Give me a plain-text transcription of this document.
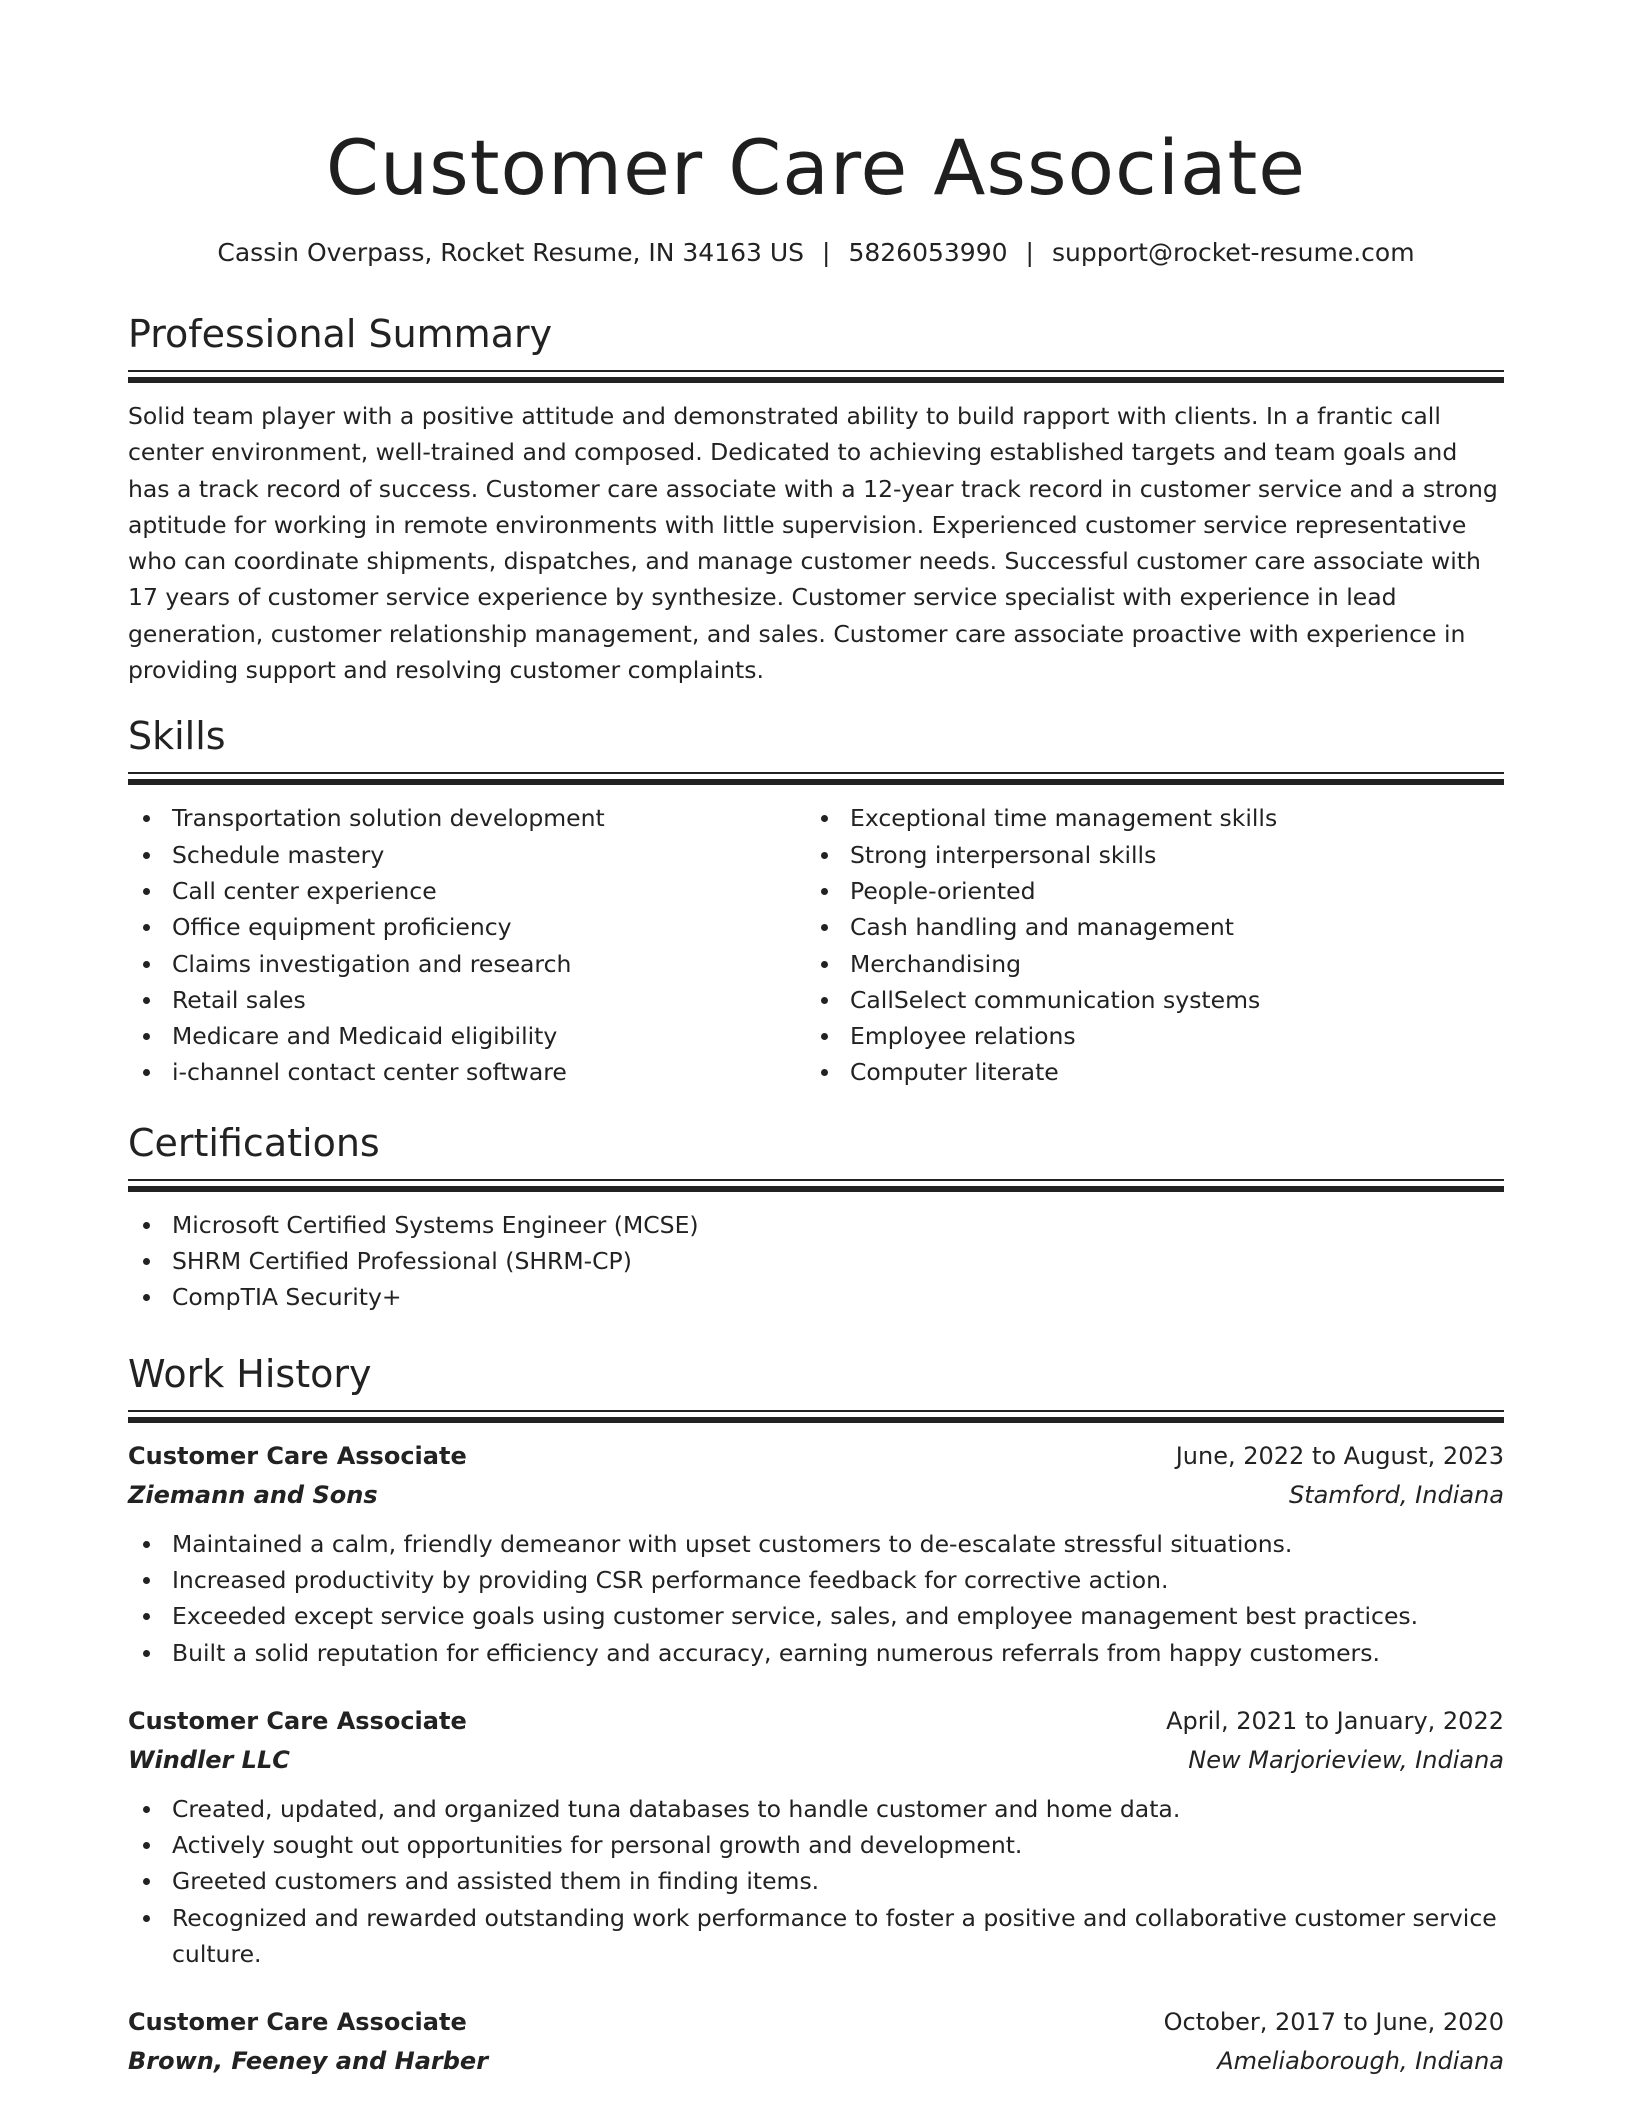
Customer Care Associate
Cassin Overpass, Rocket Resume, IN 34163 US | 5826053990 | support@rocket-resume.com
Professional Summary

Solid team player with a positive attitude and demonstrated ability to build rapport with clients. In a frantic call center environment, well-trained and composed. Dedicated to achieving established targets and team goals and has a track record of success. Customer care associate with a 12-year track record in customer service and a strong aptitude for working in remote environments with little supervision. Experienced customer service representative who can coordinate shipments, dispatches, and manage customer needs. Successful customer care associate with 17 years of customer service experience by synthesize. Customer service specialist with experience in lead generation, customer relationship management, and sales. Customer care associate proactive with experience in providing support and resolving customer complaints.

Skills
Transportation solution development
Schedule mastery
Call center experience
Office equipment proficiency
Claims investigation and research
Retail sales
Medicare and Medicaid eligibility
i-channel contact center software
Exceptional time management skills
Strong interpersonal skills
People-oriented
Cash handling and management
Merchandising
CallSelect communication systems
Employee relations
Computer literate
Certifications
Microsoft Certified Systems Engineer (MCSE)
SHRM Certified Professional (SHRM-CP)
CompTIA Security+
Work History
Customer Care Associate	June, 2022 to August, 2023
Ziemann and Sons	Stamford, Indiana
Maintained a calm, friendly demeanor with upset customers to de-escalate stressful situations.
Increased productivity by providing CSR performance feedback for corrective action.
Exceeded except service goals using customer service, sales, and employee management best practices.
Built a solid reputation for efficiency and accuracy, earning numerous referrals from happy customers.
Customer Care Associate	April, 2021 to January, 2022
Windler LLC	New Marjorieview, Indiana
Created, updated, and organized tuna databases to handle customer and home data.
Actively sought out opportunities for personal growth and development.
Greeted customers and assisted them in finding items.
Recognized and rewarded outstanding work performance to foster a positive and collaborative customer service culture.
Customer Care Associate	October, 2017 to June, 2020
Brown, Feeney and Harber	Ameliaborough, Indiana
